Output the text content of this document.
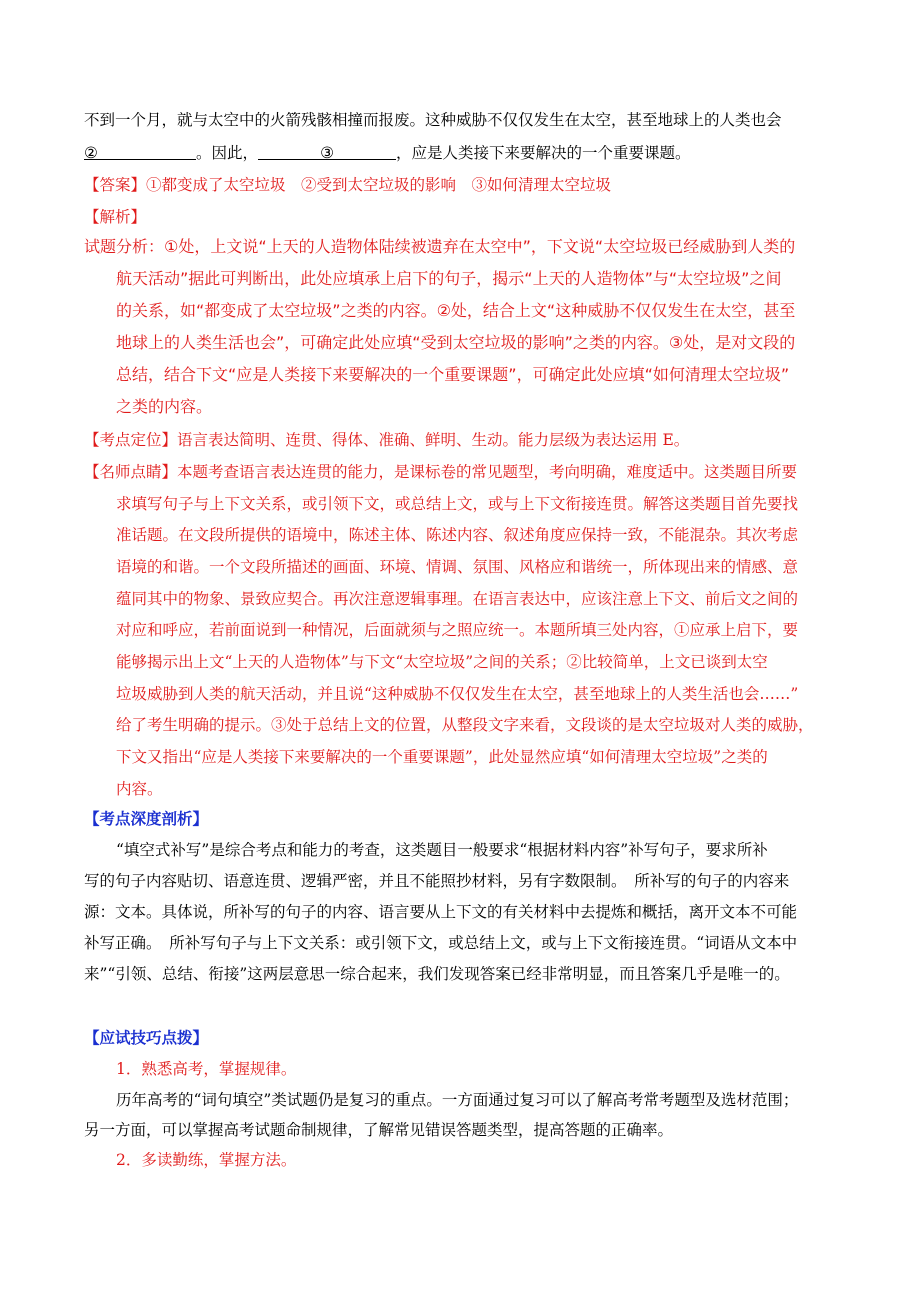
不到一个月，就与太空中的火箭残骸相撞而报废。这种威胁不仅仅发生在太空，甚至地球上的人类也会
②	。因此，	③	，应是人类接下来要解决的一个重要课题。
【答案】①都变成了太空垃圾　②受到太空垃圾的影响　③如何清理太空垃圾
【解析】
试题分析：①处，上文说“上天的人造物体陆续被遗弃在太空中”，下文说“太空垃圾已经威胁到人类的
航天活动”据此可判断出，此处应填承上启下的句子，揭示“上天的人造物体”与“太空垃圾”之间
的关系，如“都变成了太空垃圾”之类的内容。②处，结合上文“这种威胁不仅仅发生在太空，甚至
地球上的人类生活也会”，可确定此处应填“受到太空垃圾的影响”之类的内容。③处，是对文段的
总结，结合下文“应是人类接下来要解决的一个重要课题”，可确定此处应填“如何清理太空垃圾”
之类的内容。
【考点定位】语言表达简明、连贯、得体、准确、鲜明、生动。能力层级为表达运用 E。
【名师点睛】本题考查语言表达连贯的能力，是课标卷的常见题型，考向明确，难度适中。这类题目所要
求填写句子与上下文关系，或引领下文，或总结上文，或与上下文衔接连贯。解答这类题目首先要找
准话题。在文段所提供的语境中，陈述主体、陈述内容、叙述角度应保持一致，不能混杂。其次考虑
语境的和谐。一个文段所描述的画面、环境、情调、氛围、风格应和谐统一，所体现出来的情感、意
蕴同其中的物象、景致应契合。再次注意逻辑事理。在语言表达中，应该注意上下文、前后文之间的
对应和呼应，若前面说到一种情况，后面就须与之照应统一。本题所填三处内容，①应承上启下，要
能够揭示出上文“上天的人造物体”与下文“太空垃圾”之间的关系；②比较简单，上文已谈到太空
垃圾威胁到人类的航天活动，并且说“这种威胁不仅仅发生在太空，甚至地球上的人类生活也会……”
给了考生明确的提示。③处于总结上文的位置，从整段文字来看，文段谈的是太空垃圾对人类的威胁，
下文又指出“应是人类接下来要解决的一个重要课题”，此处显然应填“如何清理太空垃圾”之类的
内容。
【考点深度剖析】
“填空式补写”是综合考点和能力的考查，这类题目一般要求“根据材料内容”补写句子，要求所补
写的句子内容贴切、语意连贯、逻辑严密，并且不能照抄材料，另有字数限制。　所补写的句子的内容来
源：文本。具体说，所补写的句子的内容、语言要从上下文的有关材料中去提炼和概括，离开文本不可能
补写正确。　所补写句子与上下文关系：或引领下文，或总结上文，或与上下文衔接连贯。“词语从文本中
来”“引领、总结、衔接”这两层意思一综合起来，我们发现答案已经非常明显，而且答案几乎是唯一的。
【应试技巧点拨】
1．熟悉高考，掌握规律。
历年高考的“词句填空”类试题仍是复习的重点。一方面通过复习可以了解高考常考题型及选材范围；
另一方面，可以掌握高考试题命制规律，了解常见错误答题类型，提高答题的正确率。
2．多读勤练，掌握方法。
